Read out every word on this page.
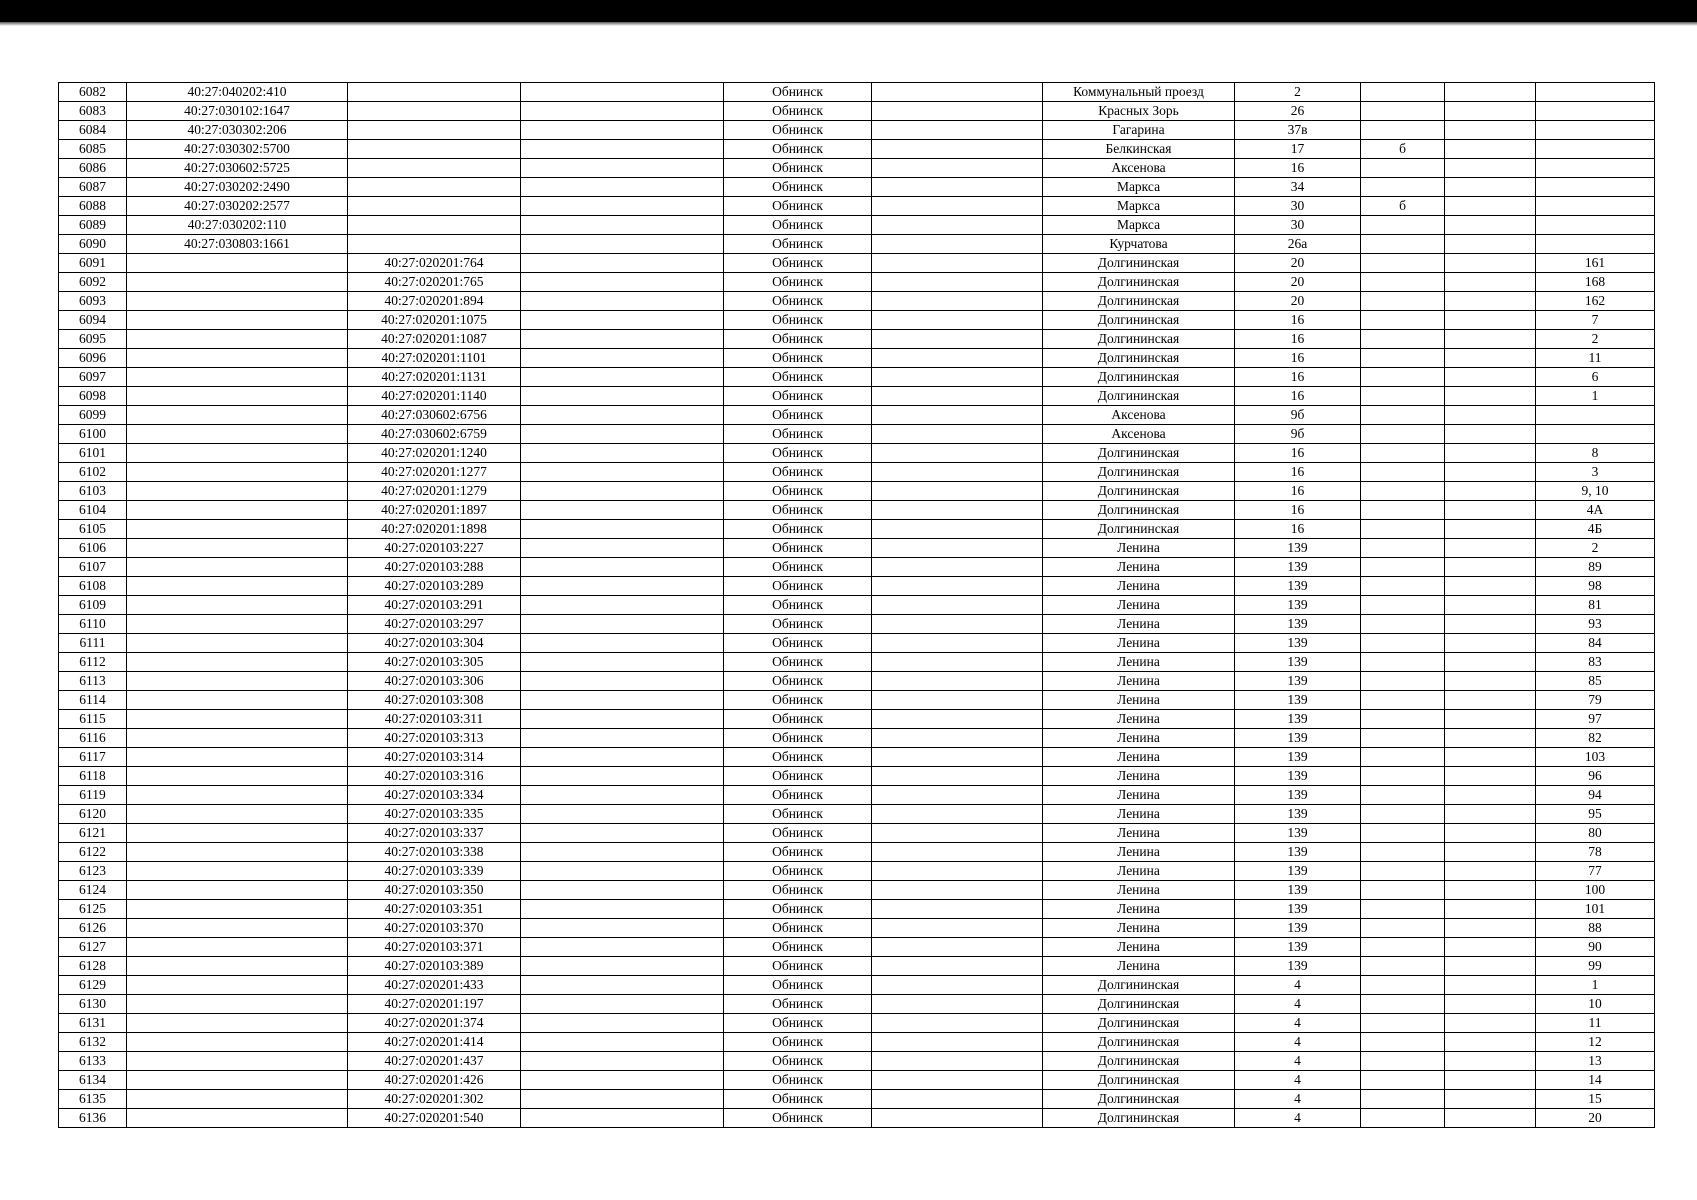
6082	40:27:040202:410			Обнинск		Коммунальный проезд	2			
6083	40:27:030102:1647			Обнинск		Красных Зорь	26			
6084	40:27:030302:206			Обнинск		Гагарина	37в			
6085	40:27:030302:5700			Обнинск		Белкинская	17	б		
6086	40:27:030602:5725			Обнинск		Аксенова	16			
6087	40:27:030202:2490			Обнинск		Маркса	34			
6088	40:27:030202:2577			Обнинск		Маркса	30	б		
6089	40:27:030202:110			Обнинск		Маркса	30			
6090	40:27:030803:1661			Обнинск		Курчатова	26а			
6091		40:27:020201:764		Обнинск		Долгининская	20			161
6092		40:27:020201:765		Обнинск		Долгининская	20			168
6093		40:27:020201:894		Обнинск		Долгининская	20			162
6094		40:27:020201:1075		Обнинск		Долгининская	16			7
6095		40:27:020201:1087		Обнинск		Долгининская	16			2
6096		40:27:020201:1101		Обнинск		Долгининская	16			11
6097		40:27:020201:1131		Обнинск		Долгининская	16			6
6098		40:27:020201:1140		Обнинск		Долгининская	16			1
6099		40:27:030602:6756		Обнинск		Аксенова	9б			
6100		40:27:030602:6759		Обнинск		Аксенова	9б			
6101		40:27:020201:1240		Обнинск		Долгининская	16			8
6102		40:27:020201:1277		Обнинск		Долгининская	16			3
6103		40:27:020201:1279		Обнинск		Долгининская	16			9, 10
6104		40:27:020201:1897		Обнинск		Долгининская	16			4А
6105		40:27:020201:1898		Обнинск		Долгининская	16			4Б
6106		40:27:020103:227		Обнинск		Ленина	139			2
6107		40:27:020103:288		Обнинск		Ленина	139			89
6108		40:27:020103:289		Обнинск		Ленина	139			98
6109		40:27:020103:291		Обнинск		Ленина	139			81
6110		40:27:020103:297		Обнинск		Ленина	139			93
6111		40:27:020103:304		Обнинск		Ленина	139			84
6112		40:27:020103:305		Обнинск		Ленина	139			83
6113		40:27:020103:306		Обнинск		Ленина	139			85
6114		40:27:020103:308		Обнинск		Ленина	139			79
6115		40:27:020103:311		Обнинск		Ленина	139			97
6116		40:27:020103:313		Обнинск		Ленина	139			82
6117		40:27:020103:314		Обнинск		Ленина	139			103
6118		40:27:020103:316		Обнинск		Ленина	139			96
6119		40:27:020103:334		Обнинск		Ленина	139			94
6120		40:27:020103:335		Обнинск		Ленина	139			95
6121		40:27:020103:337		Обнинск		Ленина	139			80
6122		40:27:020103:338		Обнинск		Ленина	139			78
6123		40:27:020103:339		Обнинск		Ленина	139			77
6124		40:27:020103:350		Обнинск		Ленина	139			100
6125		40:27:020103:351		Обнинск		Ленина	139			101
6126		40:27:020103:370		Обнинск		Ленина	139			88
6127		40:27:020103:371		Обнинск		Ленина	139			90
6128		40:27:020103:389		Обнинск		Ленина	139			99
6129		40:27:020201:433		Обнинск		Долгининская	4			1
6130		40:27:020201:197		Обнинск		Долгининская	4			10
6131		40:27:020201:374		Обнинск		Долгининская	4			11
6132		40:27:020201:414		Обнинск		Долгининская	4			12
6133		40:27:020201:437		Обнинск		Долгининская	4			13
6134		40:27:020201:426		Обнинск		Долгининская	4			14
6135		40:27:020201:302		Обнинск		Долгининская	4			15
6136		40:27:020201:540		Обнинск		Долгининская	4			20
